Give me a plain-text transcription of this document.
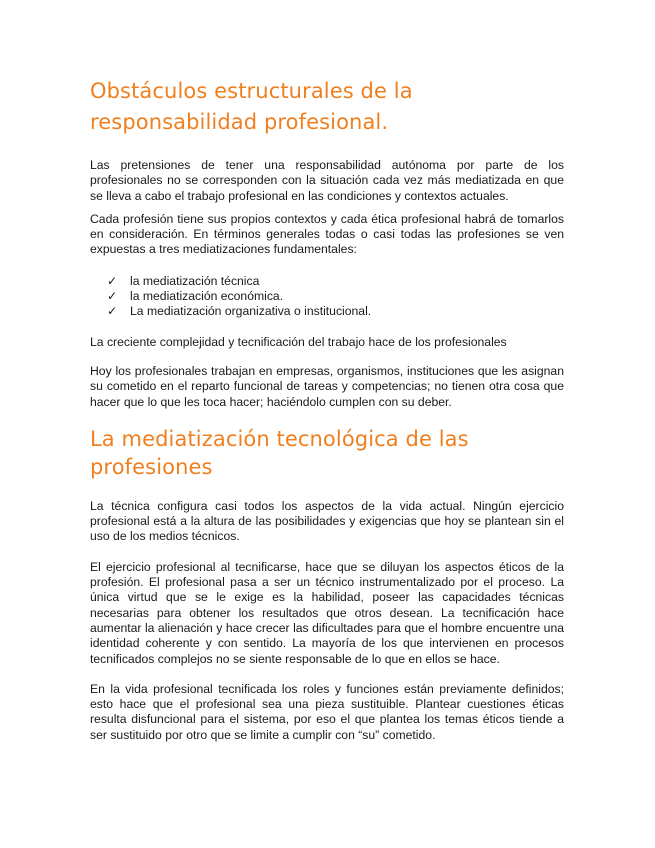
Obstáculos estructurales de la responsabilidad profesional.

Las pretensiones de tener una responsabilidad autónoma por parte de los profesionales no se corresponden con la situación cada vez más mediatizada en que se lleva a cabo el trabajo profesional en las condiciones y contextos actuales.

Cada profesión tiene sus propios contextos y cada ética profesional habrá de tomarlos en consideración. En términos generales todas o casi todas las profesiones se ven expuestas a tres mediatizaciones fundamentales:

✓	la mediatización técnica
✓	la mediatización económica.
✓	La mediatización organizativa o institucional.

La creciente complejidad y tecnificación del trabajo hace de los profesionales

Hoy los profesionales trabajan en empresas, organismos, instituciones que les asignan su cometido en el reparto funcional de tareas y competencias; no tienen otra cosa que hacer que lo que les toca hacer; haciéndolo cumplen con su deber.

La mediatización tecnológica de las profesiones

La técnica configura casi todos los aspectos de la vida actual. Ningún ejercicio profesional está a la altura de las posibilidades y exigencias que hoy se plantean sin el uso de los medios técnicos.

El ejercicio profesional al tecnificarse, hace que se diluyan los aspectos éticos de la profesión. El profesional pasa a ser un técnico instrumentalizado por el proceso. La única virtud que se le exige es la habilidad, poseer las capacidades técnicas necesarias para obtener los resultados que otros desean. La tecnificación hace aumentar la alienación y hace crecer las dificultades para que el hombre encuentre una identidad coherente y con sentido. La mayoría de los que intervienen en procesos tecnificados complejos no se siente responsable de lo que en ellos se hace.

En la vida profesional tecnificada los roles y funciones están previamente definidos; esto hace que el profesional sea una pieza sustituible. Plantear cuestiones éticas resulta disfuncional para el sistema, por eso el que plantea los temas éticos tiende a ser sustituido por otro que se limite a cumplir con “su” cometido.
